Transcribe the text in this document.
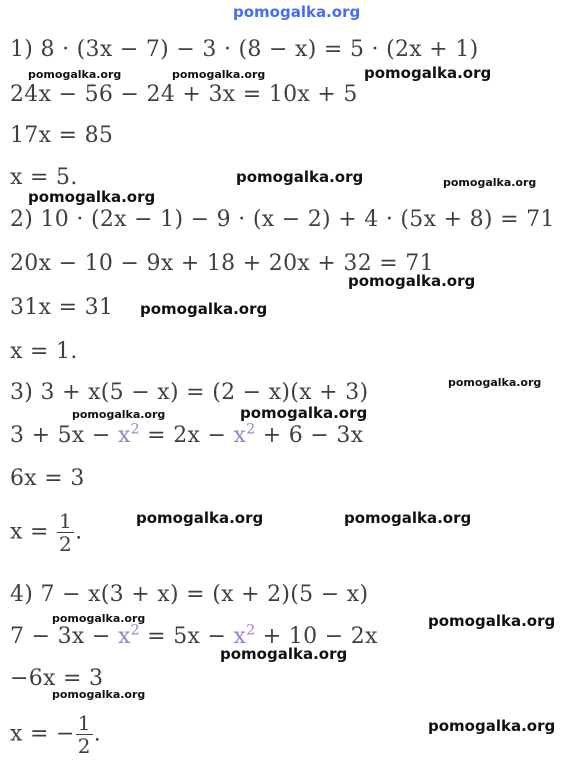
pomogalka.org
1) 8 · (3x − 7) − 3 · (8 − x) = 5 · (2x + 1)
24x − 56 − 24 + 3x = 10x + 5
17x = 85
x = 5.
2) 10 · (2x − 1) − 9 · (x − 2) + 4 · (5x + 8) = 71
20x − 10 − 9x + 18 + 20x + 32 = 71
31x = 31
x = 1.
3) 3 + x(5 − x) = (2 − x)(x + 3)
$3 + 5x - x^2 = 2x - x^2 + 6 - 3x$
6x = 3
$x = \frac{1}{2}$ .
4) 7 − x(3 + x) = (x + 2)(5 − x)
$7 - 3x - x^2 = 5x - x^2 + 10 - 2x$
−6x = 3
x = − $\frac{1}{2}$ .
pomogalka.org	pomogalka.org	pomogalka.org
pomogalka.org	pomogalka.org
pomogalka.org
pomogalka.org
pomogalka.org
pomogalka.org
pomogalka.org	pomogalka.org
pomogalka.org	pomogalka.org
pomogalka.org	pomogalka.org
pomogalka.org
pomogalka.org
pomogalka.org
